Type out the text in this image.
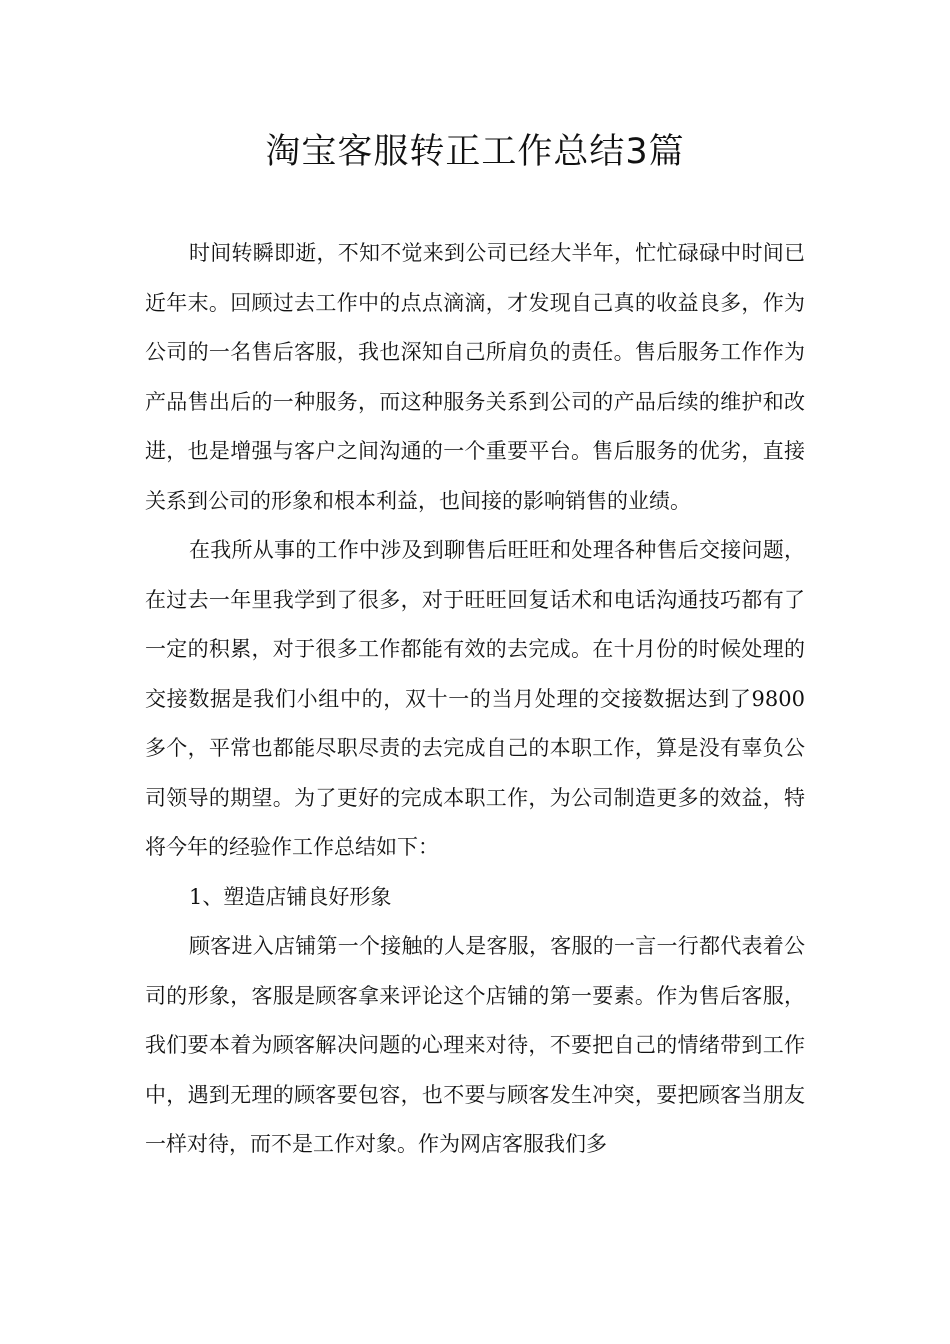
淘宝客服转正工作总结3篇

时间转瞬即逝，不知不觉来到公司已经大半年，忙忙碌碌中时间已近年末。回顾过去工作中的点点滴滴，才发现自己真的收益良多，作为公司的一名售后客服，我也深知自己所肩负的责任。售后服务工作作为产品售出后的一种服务，而这种服务关系到公司的产品后续的维护和改进，也是增强与客户之间沟通的一个重要平台。售后服务的优劣，直接关系到公司的形象和根本利益，也间接的影响销售的业绩。

在我所从事的工作中涉及到聊售后旺旺和处理各种售后交接问题，在过去一年里我学到了很多，对于旺旺回复话术和电话沟通技巧都有了一定的积累，对于很多工作都能有效的去完成。在十月份的时候处理的交接数据是我们小组中的，双十一的当月处理的交接数据达到了9800多个，平常也都能尽职尽责的去完成自己的本职工作，算是没有辜负公司领导的期望。为了更好的完成本职工作，为公司制造更多的效益，特将今年的经验作工作总结如下：

1、塑造店铺良好形象

顾客进入店铺第一个接触的人是客服，客服的一言一行都代表着公司的形象，客服是顾客拿来评论这个店铺的第一要素。作为售后客服，我们要本着为顾客解决问题的心理来对待，不要把自己的情绪带到工作中，遇到无理的顾客要包容，也不要与顾客发生冲突，要把顾客当朋友一样对待，而不是工作对象。作为网店客服我们多
